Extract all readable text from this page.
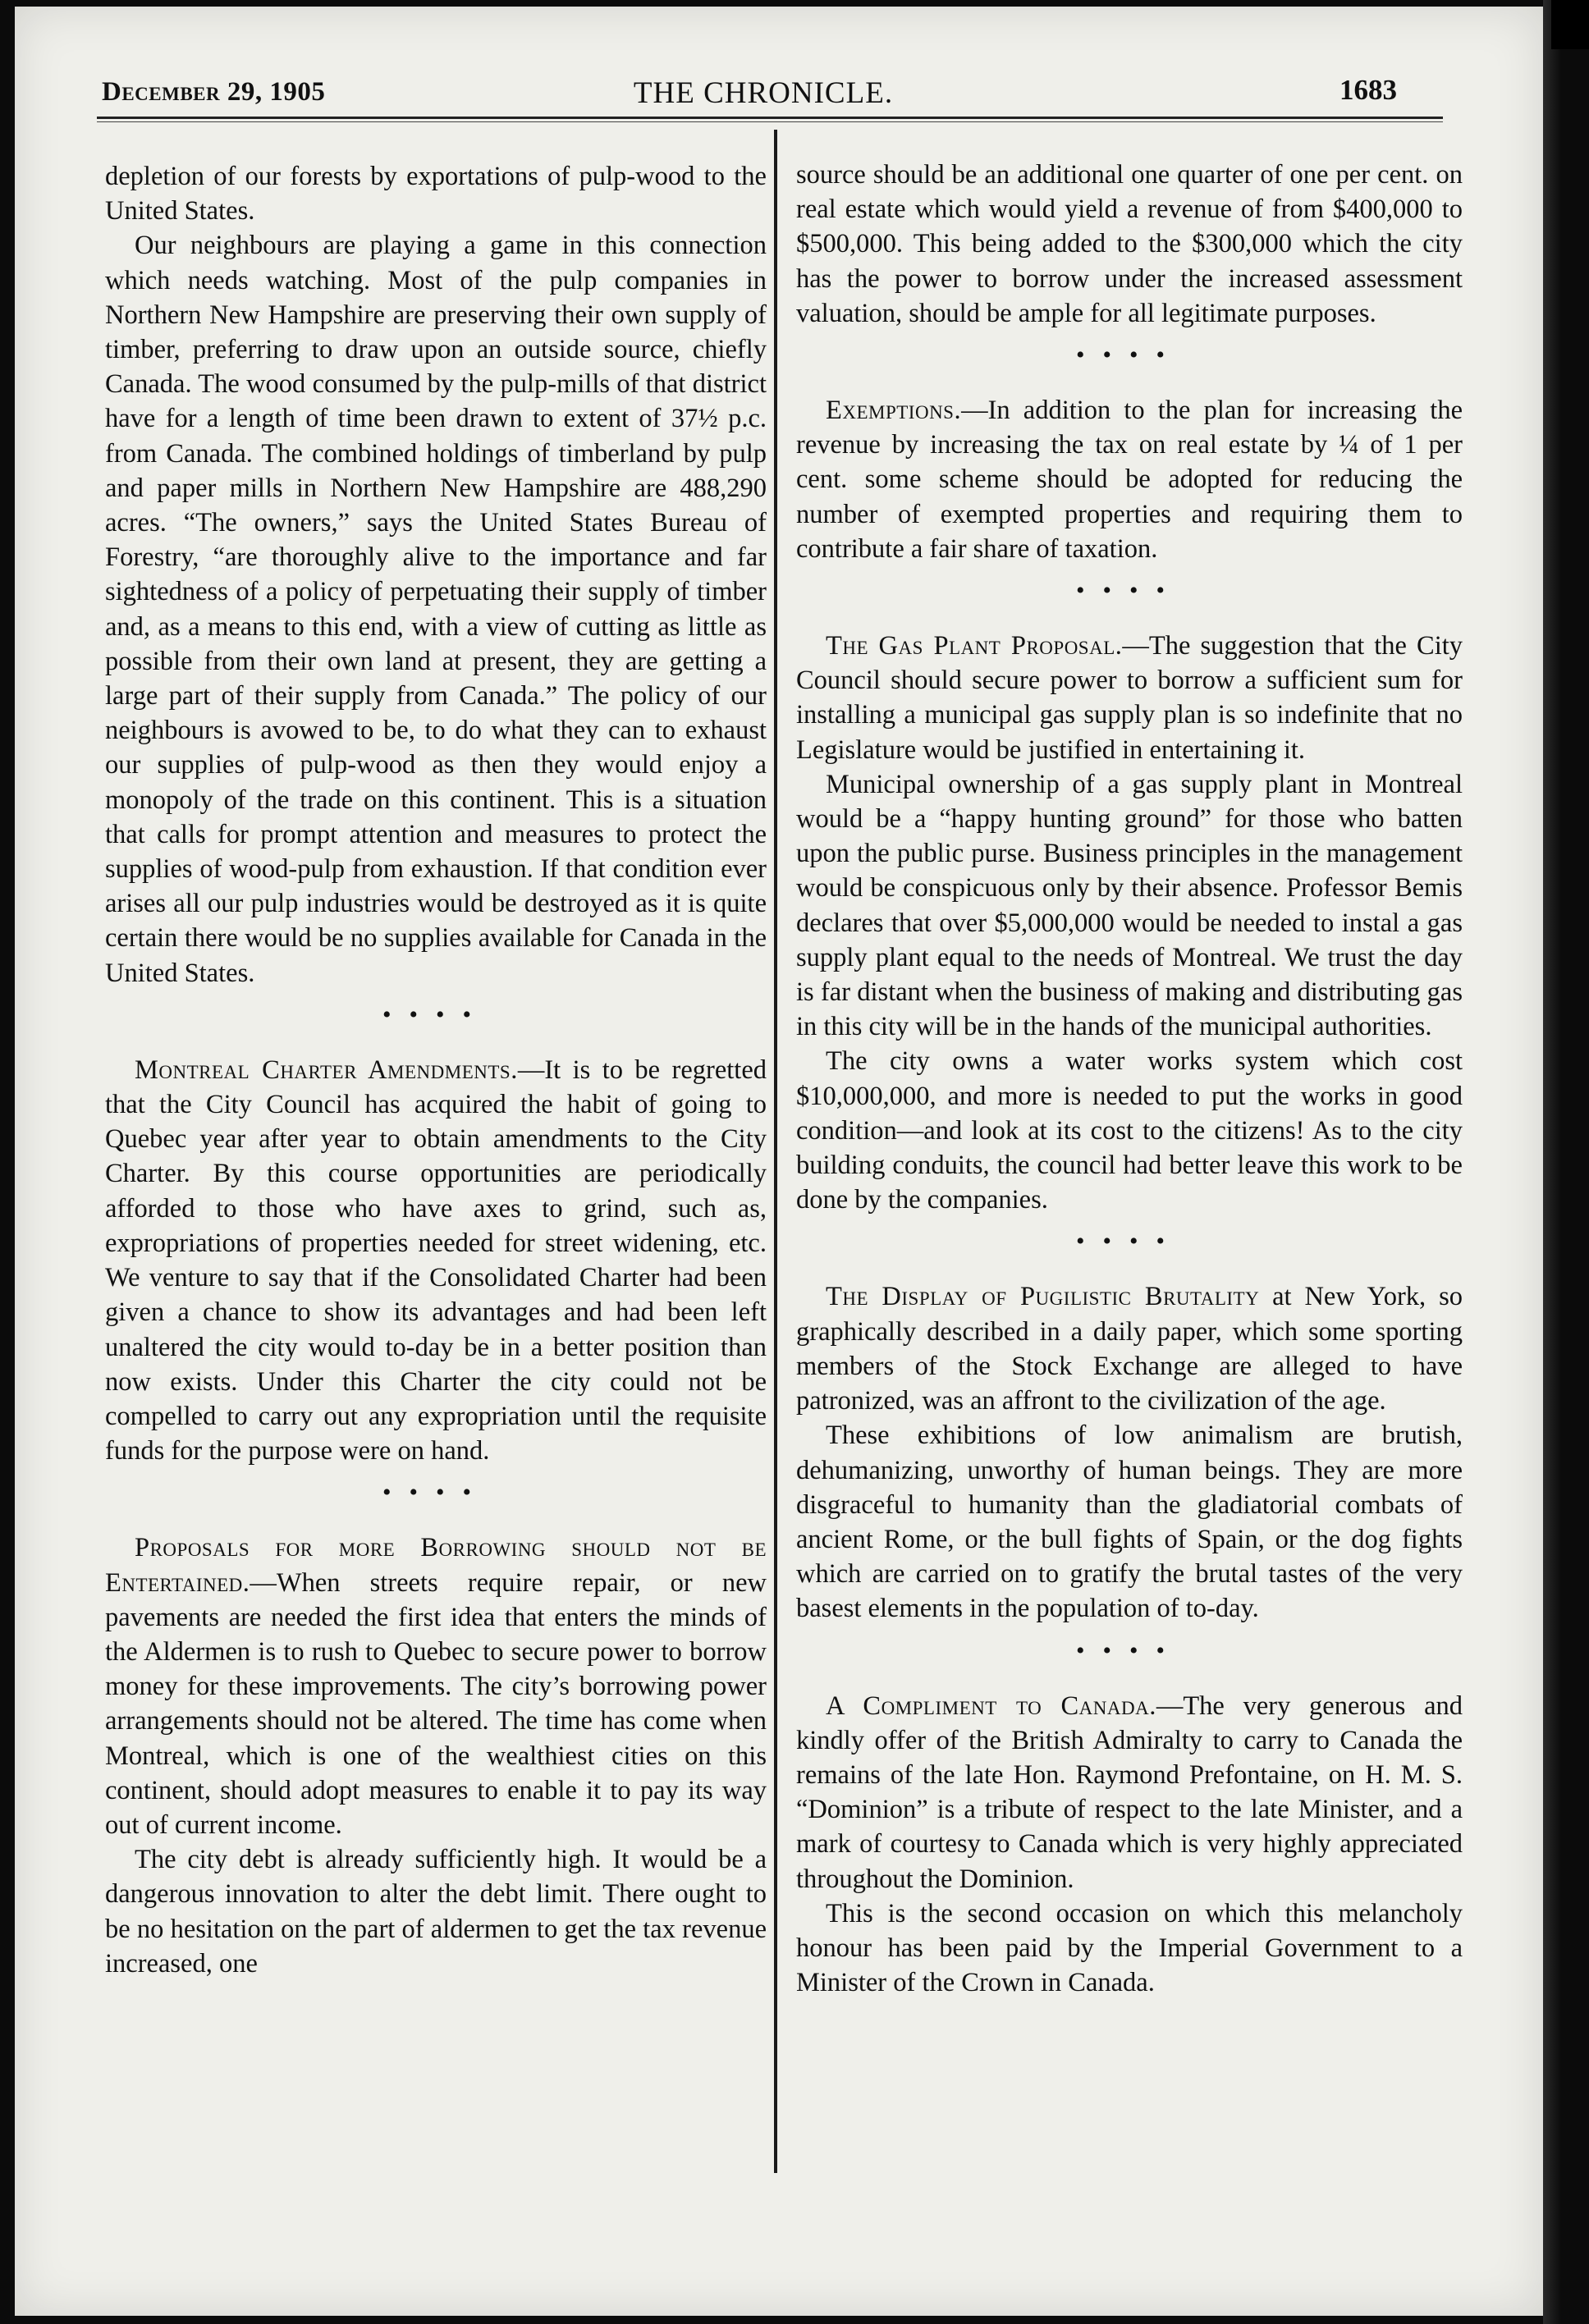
December 29, 1905	THE CHRONICLE.	1683

depletion of our forests by exportations of pulp-wood to the United States.

Our neighbours are playing a game in this connection which needs watching. Most of the pulp companies in Northern New Hampshire are preserving their own supply of timber, preferring to draw upon an outside source, chiefly Canada. The wood consumed by the pulp-mills of that district have for a length of time been drawn to extent of 37½ p.c. from Canada. The combined holdings of timberland by pulp and paper mills in Northern New Hampshire are 488,290 acres. “The owners,” says the United States Bureau of Forestry, “are thoroughly alive to the importance and far sightedness of a policy of perpetuating their supply of timber and, as a means to this end, with a view of cutting as little as possible from their own land at present, they are getting a large part of their supply from Canada.” The policy of our neighbours is avowed to be, to do what they can to exhaust our supplies of pulp-wood as then they would enjoy a monopoly of the trade on this continent. This is a situation that calls for prompt attention and measures to protect the supplies of wood-pulp from exhaustion. If that condition ever arises all our pulp industries would be destroyed as it is quite certain there would be no supplies available for Canada in the United States.

••••

Montreal Charter Amendments.—It is to be regretted that the City Council has acquired the habit of going to Quebec year after year to obtain amendments to the City Charter. By this course opportunities are periodically afforded to those who have axes to grind, such as, expropriations of properties needed for street widening, etc. We venture to say that if the Consolidated Charter had been given a chance to show its advantages and had been left unaltered the city would to-day be in a better position than now exists. Under this Charter the city could not be compelled to carry out any expropriation until the requisite funds for the purpose were on hand.

••••

Proposals for more Borrowing should not be Entertained.—When streets require repair, or new pavements are needed the first idea that enters the minds of the Aldermen is to rush to Quebec to secure power to borrow money for these improvements. The city’s borrowing power arrangements should not be altered. The time has come when Montreal, which is one of the wealthiest cities on this continent, should adopt measures to enable it to pay its way out of current income.

The city debt is already sufficiently high. It would be a dangerous innovation to alter the debt limit. There ought to be no hesitation on the part of aldermen to get the tax revenue increased, one

source should be an additional one quarter of one per cent. on real estate which would yield a revenue of from $400,000 to $500,000. This being added to the $300,000 which the city has the power to borrow under the increased assessment valuation, should be ample for all legitimate purposes.

••••

Exemptions.—In addition to the plan for increasing the revenue by increasing the tax on real estate by ¼ of 1 per cent. some scheme should be adopted for reducing the number of exempted properties and requiring them to contribute a fair share of taxation.

••••

The Gas Plant Proposal.—The suggestion that the City Council should secure power to borrow a sufficient sum for installing a municipal gas supply plan is so indefinite that no Legislature would be justified in entertaining it.

Municipal ownership of a gas supply plant in Montreal would be a “happy hunting ground” for those who batten upon the public purse. Business principles in the management would be conspicuous only by their absence. Professor Bemis declares that over $5,000,000 would be needed to instal a gas supply plant equal to the needs of Montreal. We trust the day is far distant when the business of making and distributing gas in this city will be in the hands of the municipal authorities.

The city owns a water works system which cost $10,000,000, and more is needed to put the works in good condition—and look at its cost to the citizens! As to the city building conduits, the council had better leave this work to be done by the companies.

••••

The Display of Pugilistic Brutality at New York, so graphically described in a daily paper, which some sporting members of the Stock Exchange are alleged to have patronized, was an affront to the civilization of the age.

These exhibitions of low animalism are brutish, dehumanizing, unworthy of human beings. They are more disgraceful to humanity than the gladiatorial combats of ancient Rome, or the bull fights of Spain, or the dog fights which are carried on to gratify the brutal tastes of the very basest elements in the population of to-day.

••••

A Compliment to Canada.—The very generous and kindly offer of the British Admiralty to carry to Canada the remains of the late Hon. Raymond Prefontaine, on H. M. S. “Dominion” is a tribute of respect to the late Minister, and a mark of courtesy to Canada which is very highly appreciated throughout the Dominion.

This is the second occasion on which this melancholy honour has been paid by the Imperial Government to a Minister of the Crown in Canada.
